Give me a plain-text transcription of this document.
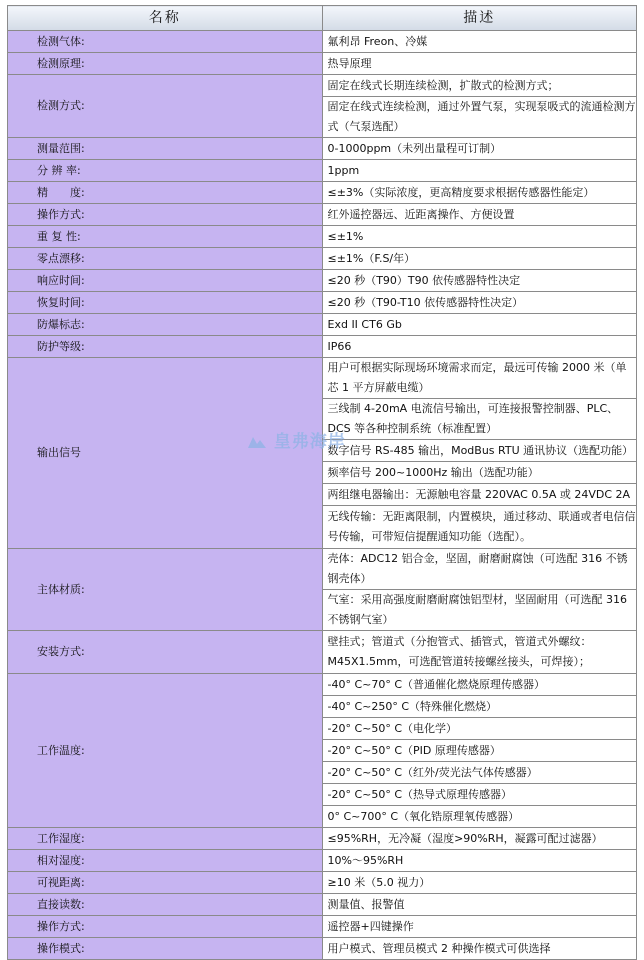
名称	描述
检测气体:	氟利昂 Freon、冷媒
检测原理:	热导原理
检测方式:	固定在线式长期连续检测，扩散式的检测方式；
	固定在线式连续检测，通过外置气泵，实现泵吸式的流通检测方式（气泵选配）
测量范围:	0-1000ppm（未列出量程可订制）
分 辨 率:	1ppm
精　　度:	≤±3%（实际浓度，更高精度要求根据传感器性能定）
操作方式:	红外遥控器远、近距离操作、方便设置
重 复 性:	≤±1%
零点漂移:	≤±1%（F.S/年）
响应时间:	≤20 秒（T90）T90 依传感器特性决定
恢复时间:	≤20 秒（T90-T10 依传感器特性决定）
防爆标志:	Exd II CT6 Gb
防护等级:	IP66
输出信号	用户可根据实际现场环境需求而定，最远可传输 2000 米（单芯 1 平方屏蔽电缆）
	三线制 4-20mA 电流信号输出，可连接报警控制器、PLC、DCS 等各种控制系统（标准配置）
	数字信号 RS-485 输出，ModBus RTU 通讯协议（选配功能）
	频率信号 200~1000Hz 输出（选配功能）
	两组继电器输出：无源触电容量 220VAC 0.5A 或 24VDC 2A
	无线传输：无距离限制，内置模块，通过移动、联通或者电信信号传输，可带短信提醒通知功能（选配）。
主体材质:	壳体：ADC12 铝合金，坚固，耐磨耐腐蚀（可选配 316 不锈钢壳体）
	气室：采用高强度耐磨耐腐蚀铝型材，坚固耐用（可选配 316 不锈钢气室）
安装方式:	壁挂式；管道式（分抱管式、插管式，管道式外螺纹：M45X1.5mm，可选配管道转接螺丝接头，可焊接）；
工作温度:	-40° C~70° C（普通催化燃烧原理传感器）
	-40° C~250° C（特殊催化燃烧）
	-20° C~50° C（电化学）
	-20° C~50° C（PID 原理传感器）
	-20° C~50° C（红外/荧光法气体传感器）
	-20° C~50° C（热导式原理传感器）
	0° C~700° C（氧化锆原理氧传感器）
工作湿度:	≤95%RH，无冷凝（湿度>90%RH，凝露可配过滤器）
相对湿度:	10%～95%RH
可视距离:	≥10 米（5.0 视力）
直接读数:	测量值、报警值
操作方式:	遥控器+四键操作
操作模式:	用户模式、管理员模式 2 种操作模式可供选择
皇弗海岸
